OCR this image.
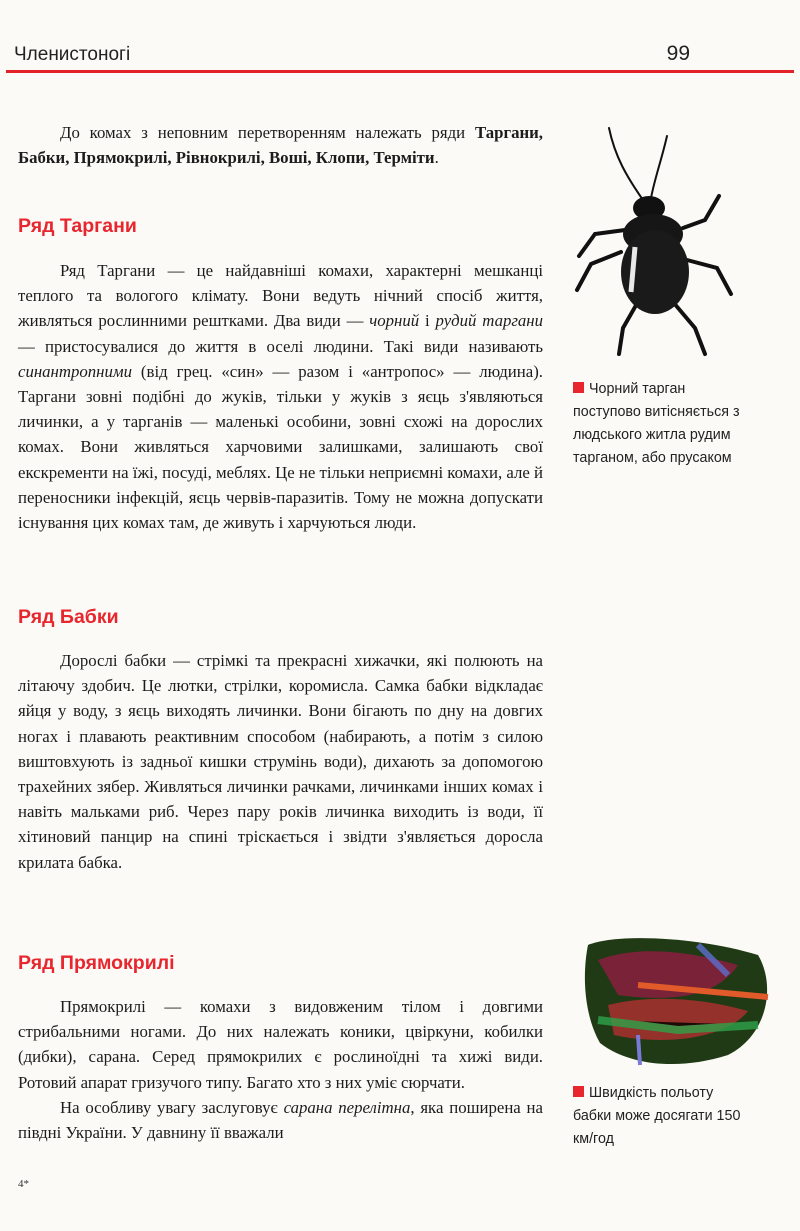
Членистоногі	99

До комах з неповним перетворенням належать ряди Таргани, Бабки, Прямокрилі, Рівнокрилі, Воші, Клопи, Терміти.

Ряд Таргани

Ряд Таргани — це найдавніші комахи, характерні мешканці теплого та вологого клімату. Вони ведуть нічний спосіб життя, живляться рослинними рештками. Два види — чорний і рудий таргани — пристосувалися до життя в оселі людини. Такі види називають синантропними (від грец. «син» — разом і «антропос» — людина). Таргани зовні подібні до жуків, тільки у жуків з яєць з'являються личинки, а у тарганів — маленькі особини, зовні схожі на дорослих комах. Вони живляться харчовими залишками, залишають свої екскременти на їжі, посуді, меблях. Це не тільки неприємні комахи, але й переносники інфекцій, яєць червів-паразитів. Тому не можна допускати існування цих комах там, де живуть і харчуються люди.

Ряд Бабки

Дорослі бабки — стрімкі та прекрасні хижачки, які полюють на літаючу здобич. Це лютки, стрілки, коромисла. Самка бабки відкладає яйця у воду, з яєць виходять личинки. Вони бігають по дну на довгих ногах і плавають реактивним способом (набирають, а потім з силою виштовхують із задньої кишки струмінь води), дихають за допомогою трахейних зябер. Живляться личинки рачками, личинками інших комах і навіть мальками риб. Через пару років личинка виходить із води, її хітиновий панцир на спині тріскається і звідти з'являється доросла крилата бабка.

Ряд Прямокрилі

Прямокрилі — комахи з видовженим тілом і довгими стрибальними ногами. До них належать коники, цвіркуни, кобилки (дибки), сарана. Серед прямокрилих є рослиноїдні та хижі види. Ротовий апарат гризучого типу. Багато хто з них уміє сюрчати.

На особливу увагу заслуговує сарана перелітна, яка поширена на півдні України. У давнину її вважали

Чорний тарган поступово витісняється з людського житла рудим тарганом, або прусаком
Швидкість польоту бабки може досягати 150 км/год
4*
